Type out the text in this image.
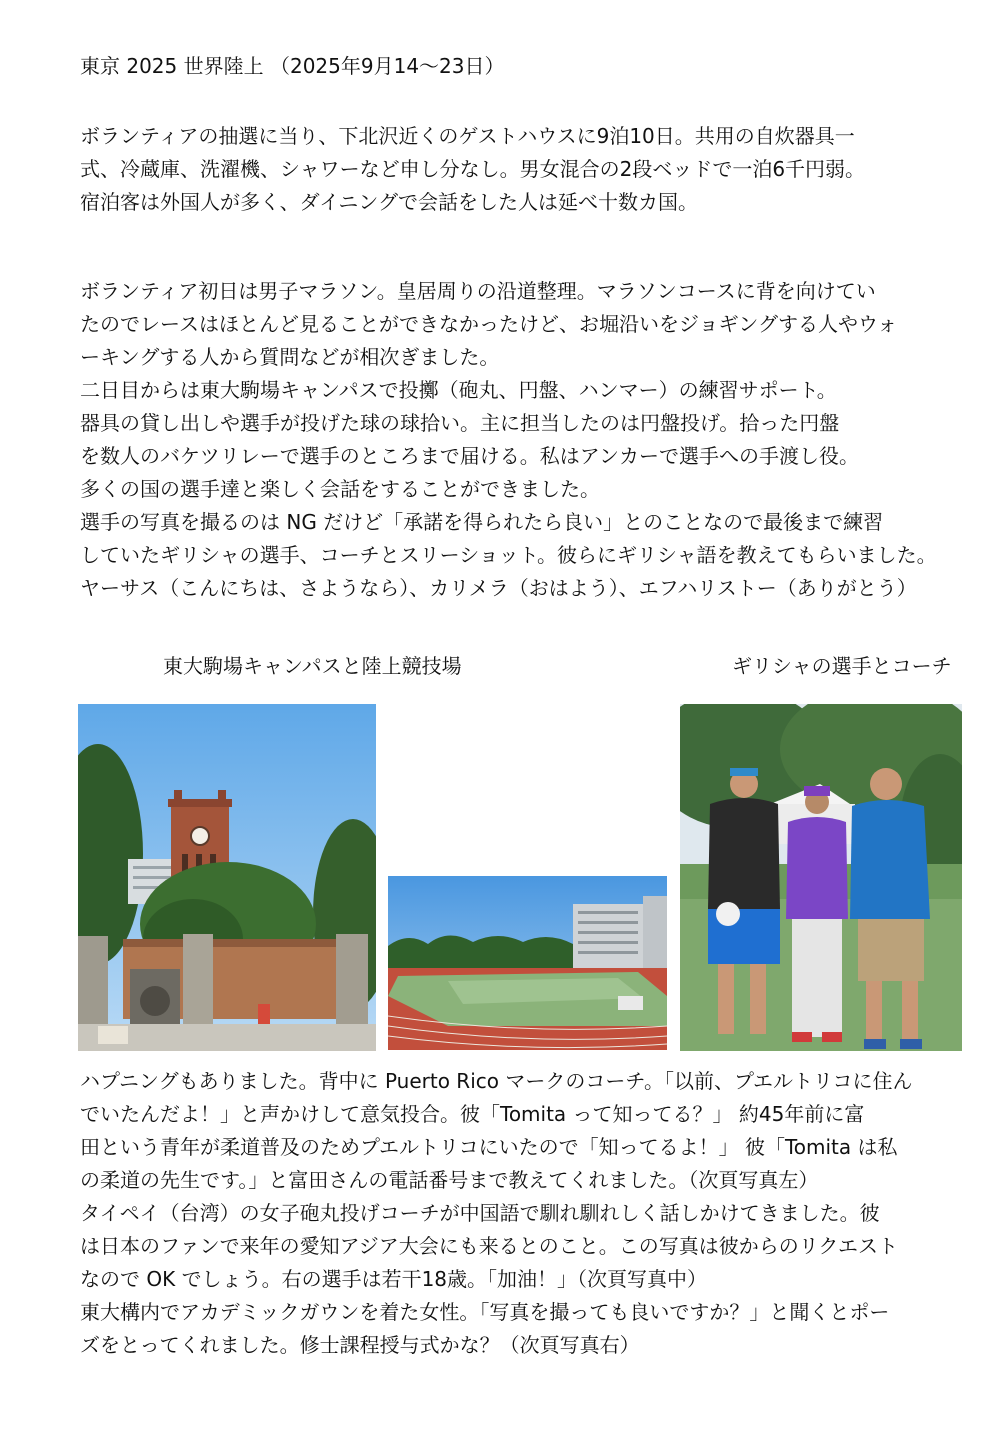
東京 2025 世界陸上 （2025年9月14～23日）

ボランティアの抽選に当り、下北沢近くのゲストハウスに9泊10日。共用の自炊器具一
式、冷蔵庫、洗濯機、シャワーなど申し分なし。男女混合の2段ベッドで一泊6千円弱。
宿泊客は外国人が多く、ダイニングで会話をした人は延べ十数カ国。

ボランティア初日は男子マラソン。皇居周りの沿道整理。マラソンコースに背を向けてい
たのでレースはほとんど見ることができなかったけど、お堀沿いをジョギングする人やウォ
ーキングする人から質問などが相次ぎました。
二日目からは東大駒場キャンパスで投擲（砲丸、円盤、ハンマー）の練習サポート。
器具の貸し出しや選手が投げた球の球拾い。主に担当したのは円盤投げ。拾った円盤
を数人のバケツリレーで選手のところまで届ける。私はアンカーで選手への手渡し役。
多くの国の選手達と楽しく会話をすることができました。
選手の写真を撮るのは NG だけど「承諾を得られたら良い」とのことなので最後まで練習
していたギリシャの選手、コーチとスリーショット。彼らにギリシャ語を教えてもらいました。
ヤーサス（こんにちは、さようなら）、カリメラ（おはよう）、エフハリストー（ありがとう）

東大駒場キャンパスと陸上競技場	ギリシャの選手とコーチ

ハプニングもありました。背中に Puerto Rico マークのコーチ。「以前、プエルトリコに住ん
でいたんだよ！」と声かけして意気投合。彼「Tomita って知ってる？」 約45年前に富
田という青年が柔道普及のためプエルトリコにいたので「知ってるよ！」 彼「Tomita は私
の柔道の先生です。」と富田さんの電話番号まで教えてくれました。（次頁写真左）
タイペイ（台湾）の女子砲丸投げコーチが中国語で馴れ馴れしく話しかけてきました。彼
は日本のファンで来年の愛知アジア大会にも来るとのこと。この写真は彼からのリクエスト
なので OK でしょう。右の選手は若干18歳。「加油！」（次頁写真中）
東大構内でアカデミックガウンを着た女性。「写真を撮っても良いですか？」と聞くとポー
ズをとってくれました。修士課程授与式かな？（次頁写真右）
